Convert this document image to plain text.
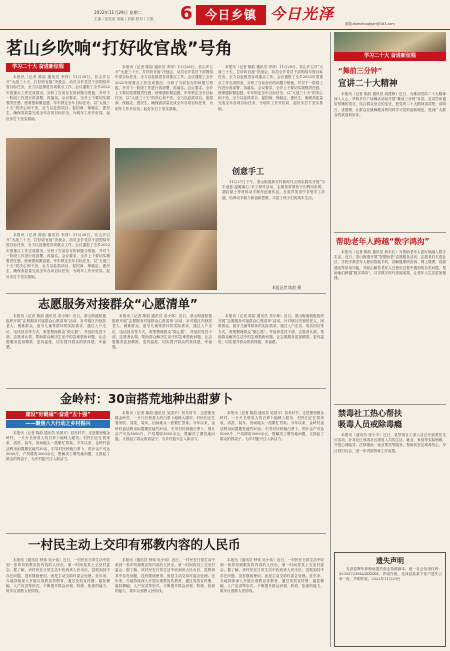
2022年11月29日 星期二
主编 / 范先浩 美编 / 刘丽 校对 / 王艳 6	今日乡镇 今日光泽
邮箱:dsmxfcxgkjan@163.com
茗山乡吹响“打好收官战”号角
学习二十大 奋进新征程

本报讯（记者 陈韵 通讯员 李萍）11月28日，茗山乡召开“大战三十天，打好收官战”决战会，动员全乡党员干部围绕年度目标任务，全力以赴推进各项重点工作。会议通报了全乡2022年度重点工作完成情况，分析了当前存在的问题与短板，并对下一阶段工作进行再部署、再落实。会议要求，全乡上下要切实增强责任感、使命感和紧迫感，牢牢锁定全年目标任务，以“大战三十天”的决心和干劲，全力以赴抓项目、促招商、保稳定、惠民生，确保高质量完成全年各项目标任务，为明年工作开好局、起好步打下坚实基础。

本报讯（记者 陈韵 通讯员 李萍）11月28日，茗山乡召开“大战三十天，打好收官战”决战会，动员全乡党员干部围绕年度目标任务，全力以赴推进各项重点工作。会议通报了全乡2022年度重点工作完成情况，分析了当前存在的问题与短板，并对下一阶段工作进行再部署、再落实。会议要求，全乡上下要切实增强责任感、使命感和紧迫感，牢牢锁定全年目标任务，以“大战三十天”的决心和干劲，全力以赴抓项目、促招商、保稳定、惠民生，确保高质量完成全年各项目标任务，为明年工作开好局、起好步打下坚实基础。

本报讯（记者 陈韵 通讯员 李萍）11月28日，茗山乡召开“大战三十天，打好收官战”决战会，动员全乡党员干部围绕年度目标任务，全力以赴推进各项重点工作。会议通报了全乡2022年度重点工作完成情况，分析了当前存在的问题与短板，并对下一阶段工作进行再部署、再落实。会议要求，全乡上下要切实增强责任感、使命感和紧迫感，牢牢锁定全年目标任务，以“大战三十天”的决心和干劲，全力以赴抓项目、促招商、保稳定、惠民生，确保高质量完成全年各项目标任务，为明年工作开好局、起好步打下坚实基础。

创意手工

11月27日下午，茶山街道新安村新时代文明实践站开展“巧手创意·温暖童心”手工制作活动，志愿者带领孩子们利用彩纸、超轻黏土等材料动手制作创意作品，在欢声笑语中享受手工乐趣，培养动手能力和创新思维，丰富了孩子们的周末生活。

本报记者 陈韵 摄

本报讯（记者 陈韵 通讯员 李萍）11月28日，茗山乡召开“大战三十天，打好收官战”决战会，动员全乡党员干部围绕年度目标任务，全力以赴推进各项重点工作。会议通报了全乡2022年度重点工作完成情况，分析了当前存在的问题与短板，并对下一阶段工作进行再部署、再落实。会议要求，全乡上下要切实增强责任感、使命感和紧迫感，牢牢锁定全年目标任务，以“大战三十天”的决心和干劲，全力以赴抓项目、促招商、保稳定、惠民生，确保高质量完成全年各项目标任务，为明年工作开好局、起好步打下坚实基础。

志愿服务对接群众“心愿清单”

本报讯（记者 陈韵 通讯员 邓小林）近日，茶山街道积极组织开展“志愿服务对接群众心愿清单”活动，针对辖区内独居老人、困难群众、留守儿童等群体的实际需求，通过入户走访、电话回访等方式，收集整理群众“微心愿”，并组织党员干部、志愿者认领，帮助群众解决生活中的急难愁盼问题，让志愿服务更加精准、更有温度，切实提升群众的获得感、幸福感。

本报讯（记者 陈韵 通讯员 邓小林）近日，茶山街道积极组织开展“志愿服务对接群众心愿清单”活动，针对辖区内独居老人、困难群众、留守儿童等群体的实际需求，通过入户走访、电话回访等方式，收集整理群众“微心愿”，并组织党员干部、志愿者认领，帮助群众解决生活中的急难愁盼问题，让志愿服务更加精准、更有温度，切实提升群众的获得感、幸福感。

本报讯（记者 陈韵 通讯员 邓小林）近日，茶山街道积极组织开展“志愿服务对接群众心愿清单”活动，针对辖区内独居老人、困难群众、留守儿童等群体的实际需求，通过入户走访、电话回访等方式，收集整理群众“微心愿”，并组织党员干部、志愿者认领，帮助群众解决生活中的急难愁盼问题，让志愿服务更加精准、更有温度，切实提升群众的获得感、幸福感。

金岭村：30亩搭荒地种出甜萝卜
建设“好路屋”·奋进“五十强”
——聚焦八大行动之乡村振兴

本报讯（记者 陈韵 通讯员 吴国平）初冬时节，走进寨里镇金岭村，一片片长势喜人的白萝卜地映入眼帘，村民们正忙着采收、清洗、装车，田间地头一派繁忙景象。今年以来，金岭村盘活利用闲置撂荒地约30亩，引导村民种植白萝卜，预计亩产可达5000斤，户均增收3000余元，既解决了撂荒地问题，又鼓起了群众的钱袋子，为乡村振兴注入新活力。

本报讯（记者 陈韵 通讯员 吴国平）初冬时节，走进寨里镇金岭村，一片片长势喜人的白萝卜地映入眼帘，村民们正忙着采收、清洗、装车，田间地头一派繁忙景象。今年以来，金岭村盘活利用闲置撂荒地约30亩，引导村民种植白萝卜，预计亩产可达5000斤，户均增收3000余元，既解决了撂荒地问题，又鼓起了群众的钱袋子，为乡村振兴注入新活力。

本报讯（记者 陈韵 通讯员 吴国平）初冬时节，走进寨里镇金岭村，一片片长势喜人的白萝卜地映入眼帘，村民们正忙着采收、清洗、装车，田间地头一派繁忙景象。今年以来，金岭村盘活利用闲置撂荒地约30亩，引导村民种植白萝卜，预计亩产可达5000斤，户均增收3000余元，既解决了撂荒地问题，又鼓起了群众的钱袋子，为乡村振兴注入新活力。

一村民主动上交印有邪教内容的人民币

本报讯（通讯员 钟伟 吴小伟）近日，一村民在日常生活中收到一张印有邪教宣传内容的人民币，第一时间将其上交至村委会。据了解，该村民在日常生活中收到该人民币后，觉察到其中存在问题，没有继续使用，而是主动交给村委会处理。近年来，当地持续深入开展反邪教宣传教育，通过发放宣传册、悬挂横幅、入户宣讲等形式，不断提升群众识邪、防邪、拒邪的能力，筑牢反邪教人民防线。

本报讯（通讯员 钟伟 吴小伟）近日，一村民在日常生活中收到一张印有邪教宣传内容的人民币，第一时间将其上交至村委会。据了解，该村民在日常生活中收到该人民币后，觉察到其中存在问题，没有继续使用，而是主动交给村委会处理。近年来，当地持续深入开展反邪教宣传教育，通过发放宣传册、悬挂横幅、入户宣讲等形式，不断提升群众识邪、防邪、拒邪的能力，筑牢反邪教人民防线。

本报讯（通讯员 钟伟 吴小伟）近日，一村民在日常生活中收到一张印有邪教宣传内容的人民币，第一时间将其上交至村委会。据了解，该村民在日常生活中收到该人民币后，觉察到其中存在问题，没有继续使用，而是主动交给村委会处理。近年来，当地持续深入开展反邪教宣传教育，通过发放宣传册、悬挂横幅、入户宣讲等形式，不断提升群众识邪、防邪、拒邪的能力，筑牢反邪教人民防线。

学习二十大 奋进新征程
“舞前三分钟”
宣讲二十大精神

本报讯（记者 陈韵 通讯员 周建锋）近日，为推动党的二十大精神深入人心，华桥乡在广场舞活动前开展“舞前三分钟”宣讲，宣讲员用通俗易懂的语言，结合群众身边的变化，把党的二十大精神讲清楚、讲明白、讲透彻，让群众在跳舞健身的同时学习党的创新理论，受到广大群众的欢迎和好评。

帮助老年人跨越“数字鸿沟”

本报讯（记者 陈韵 通讯员 黄永红）为帮助老年人更好地融入数字生活，近日，茶山街道开展“智慧助老”志愿服务活动，志愿者们走进社区，手把手教老年人使用智能手机，讲解健康码查询、网上缴费、视频通话等常用功能，并耐心解答老年人在使用过程中遇到的各类问题，帮助他们跨越“数字鸿沟”，共享数字时代发展成果，让老年人生活更加便捷。

禁毒社工热心帮扶
吸毒人员戒除毒瘾

本报讯（通讯员 张小平）近日，县禁毒社工深入社区开展帮扶走访活动，针对社区戒毒社区康复人员的生活、就业、家庭等实际困难，开展心理疏导、法律援助、就业帮扶等服务，帮助其坚定戒毒信心，早日回归社会，进一步巩固禁毒工作成果。

遗失声明

光泽县辉华养殖场遗失营业执照副本，统一社会信用代码：92350723MA3XXXXX，声明作废。光泽县某某个体户遗失公章一枚，声明作废。2022年11月29日
